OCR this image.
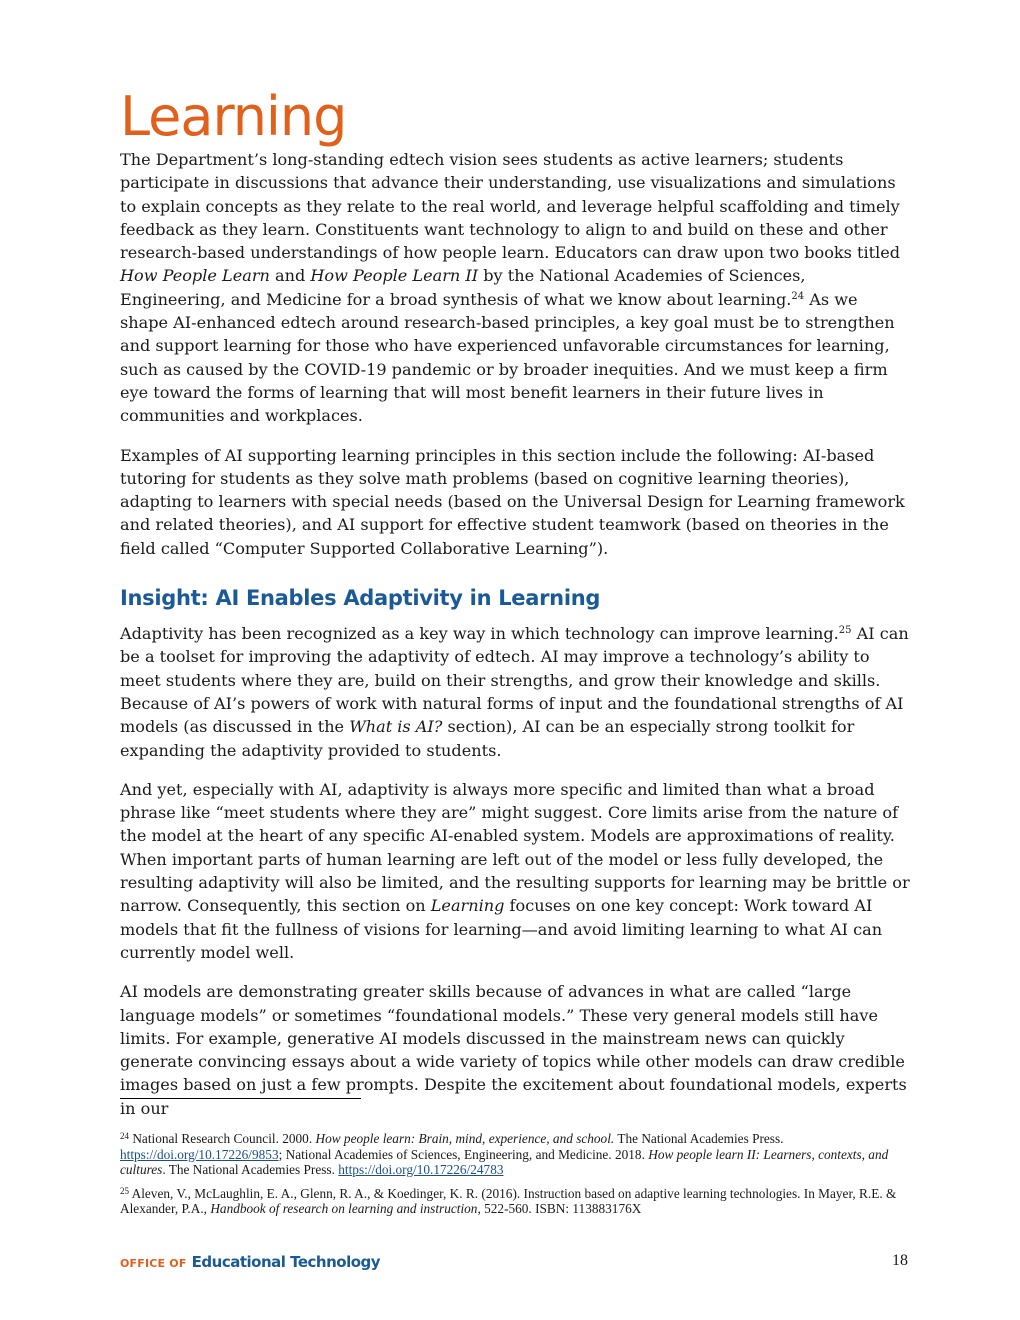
Learning

The Department’s long-standing edtech vision sees students as active learners; students participate in discussions that advance their understanding, use visualizations and simulations to explain concepts as they relate to the real world, and leverage helpful scaffolding and timely feedback as they learn. Constituents want technology to align to and build on these and other research-based understandings of how people learn. Educators can draw upon two books titled How People Learn and How People Learn II by the National Academies of Sciences, Engineering, and Medicine for a broad synthesis of what we know about learning.$^{24}$ As we shape AI-enhanced edtech around research-based principles, a key goal must be to strengthen and support learning for those who have experienced unfavorable circumstances for learning, such as caused by the COVID-19 pandemic or by broader inequities. And we must keep a firm eye toward the forms of learning that will most benefit learners in their future lives in communities and workplaces.

Examples of AI supporting learning principles in this section include the following: AI-based tutoring for students as they solve math problems (based on cognitive learning theories), adapting to learners with special needs (based on the Universal Design for Learning framework and related theories), and AI support for effective student teamwork (based on theories in the field called “Computer Supported Collaborative Learning”).

Insight: AI Enables Adaptivity in Learning

Adaptivity has been recognized as a key way in which technology can improve learning.$^{25}$ AI can be a toolset for improving the adaptivity of edtech. AI may improve a technology’s ability to meet students where they are, build on their strengths, and grow their knowledge and skills. Because of AI’s powers of work with natural forms of input and the foundational strengths of AI models (as discussed in the What is AI? section), AI can be an especially strong toolkit for expanding the adaptivity provided to students.

And yet, especially with AI, adaptivity is always more specific and limited than what a broad phrase like “meet students where they are” might suggest. Core limits arise from the nature of the model at the heart of any specific AI-enabled system. Models are approximations of reality. When important parts of human learning are left out of the model or less fully developed, the resulting adaptivity will also be limited, and the resulting supports for learning may be brittle or narrow. Consequently, this section on Learning focuses on one key concept: Work toward AI models that fit the fullness of visions for learning—and avoid limiting learning to what AI can currently model well.

AI models are demonstrating greater skills because of advances in what are called “large language models” or sometimes “foundational models.” These very general models still have limits. For example, generative AI models discussed in the mainstream news can quickly generate convincing essays about a wide variety of topics while other models can draw credible images based on just a few prompts. Despite the excitement about foundational models, experts in our

$^{24}$ National Research Council. 2000. How people learn: Brain, mind, experience, and school. The National Academies Press. https://doi.org/10.17226/9853; National Academies of Sciences, Engineering, and Medicine. 2018. How people learn II: Learners, contexts, and cultures. The National Academies Press. https://doi.org/10.17226/24783
$^{25}$ Aleven, V., McLaughlin, E. A., Glenn, R. A., & Koedinger, K. R. (2016). Instruction based on adaptive learning technologies. In Mayer, R.E. & Alexander, P.A., Handbook of research on learning and instruction, 522-560. ISBN: 113883176X
OFFICE OF Educational Technology	18
